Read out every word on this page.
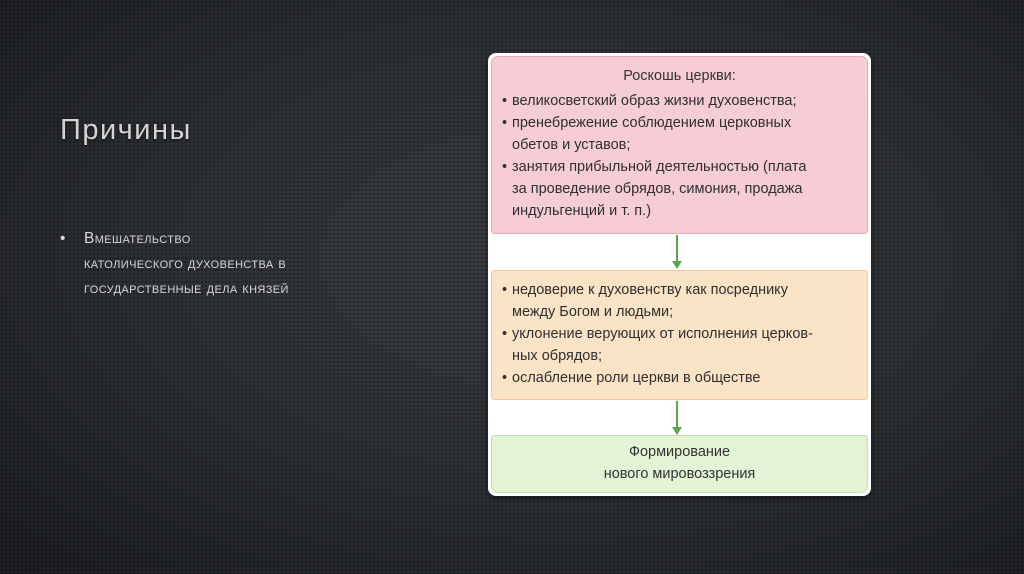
Причины
•	Вмешательство
католического духовенства в
государственные дела князей
Роскошь церкви:
• великосветский образ жизни духовенства;
• пренебрежение соблюдением церковных
обетов и уставов;
• занятия прибыльной деятельностью (плата
за проведение обрядов, симония, продажа
индульгенций и т. п.)
• недоверие к духовенству как посреднику
между Богом и людьми;
• уклонение верующих от исполнения церков-
ных обрядов;
• ослабление роли церкви в обществе
Формирование
нового мировоззрения
